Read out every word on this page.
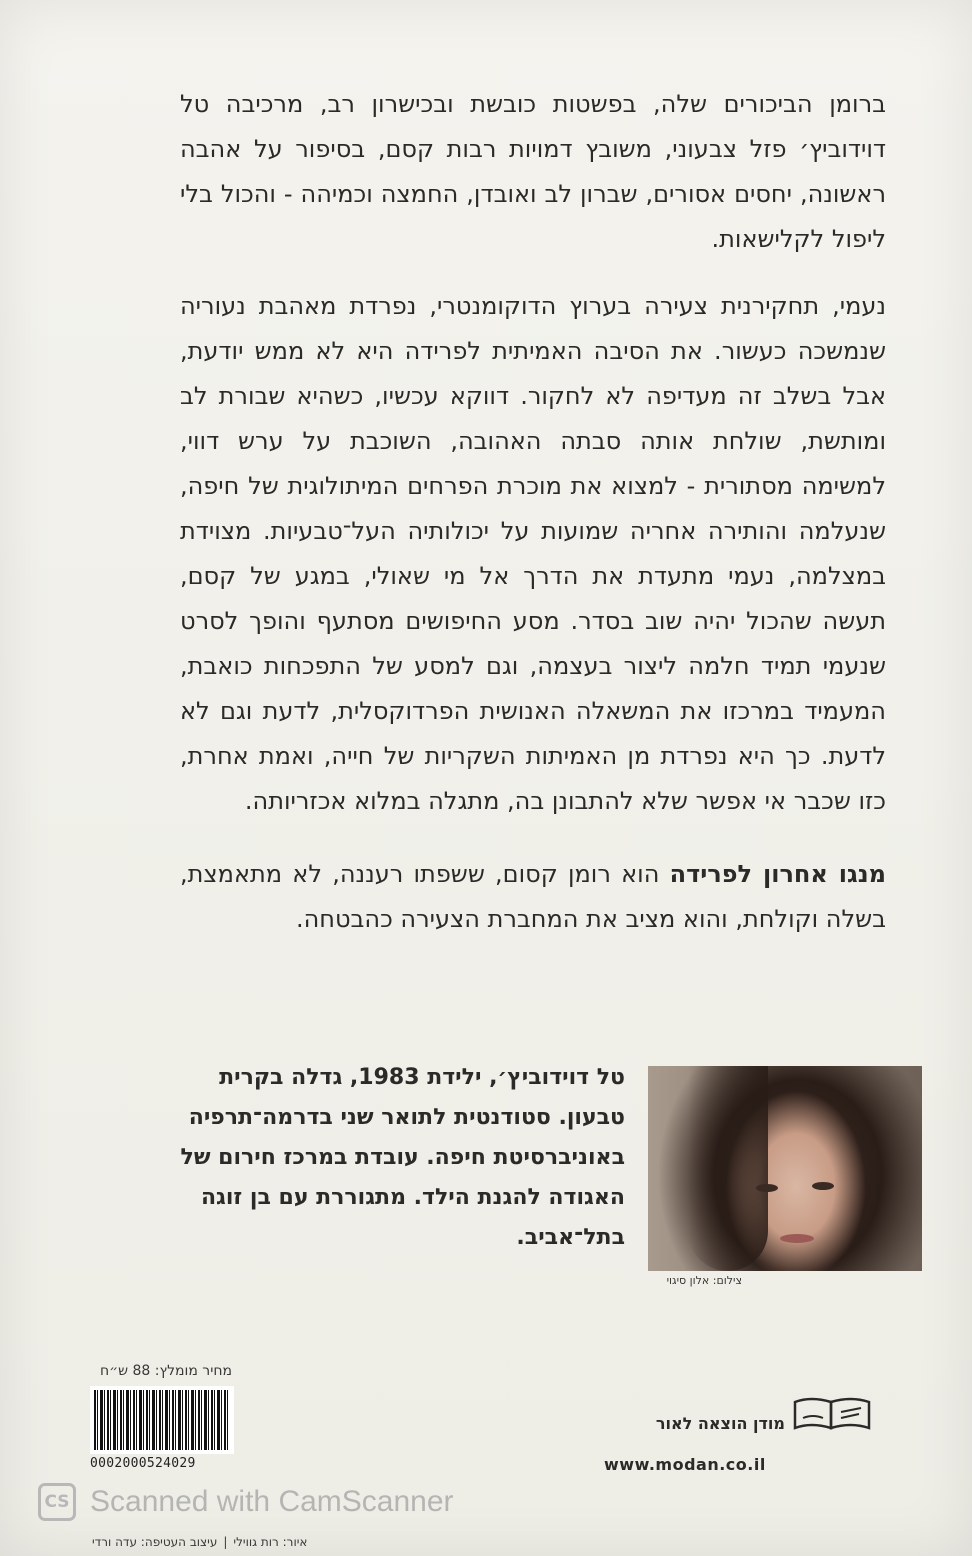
ברומן הביכורים שלה, בפשטות כובשת ובכישרון רב, מרכיבה טל דוידוביץ׳ פזל צבעוני, משובץ דמויות רבות קסם, בסיפור על אהבה ראשונה, יחסים אסורים, שברון לב ואובדן, החמצה וכמיהה - והכול בלי ליפול לקלישאות.

נעמי, תחקירנית צעירה בערוץ הדוקומנטרי, נפרדת מאהבת נעוריה שנמשכה כעשור. את הסיבה האמיתית לפרידה היא לא ממש יודעת, אבל בשלב זה מעדיפה לא לחקור. דווקא עכשיו, כשהיא שבורת לב ומותשת, שולחת אותה סבתה האהובה, השוכבת על ערש דווי, למשימה מסתורית - למצוא את מוכרת הפרחים המיתולוגית של חיפה, שנעלמה והותירה אחריה שמועות על יכולותיה העל־טבעיות. מצוידת במצלמה, נעמי מתעדת את הדרך אל מי שאולי, במגע של קסם, תעשה שהכול יהיה שוב בסדר. מסע החיפושים מסתעף והופך לסרט שנעמי תמיד חלמה ליצור בעצמה, וגם למסע של התפכחות כואבת, המעמיד במרכזו את המשאלה האנושית הפרדוקסלית, לדעת וגם לא לדעת. כך היא נפרדת מן האמיתות השקריות של חייה, ואמת אחרת, כזו שכבר אי אפשר שלא להתבונן בה, מתגלה במלוא אכזריותה.

מנגו אחרון לפרידה הוא רומן קסום, ששפתו רעננה, לא מתאמצת, בשלה וקולחת, והוא מציב את המחברת הצעירה כהבטחה.

טל דוידוביץ׳, ילידת 1983, גדלה בקרית טבעון. סטודנטית לתואר שני בדרמה־תרפיה באוניברסיטת חיפה. עובדת במרכז חירום של האגודה להגנת הילד. מתגוררת עם בן זוגה בתל־אביב.
צילום: אלון סיגוי
מחיר מומלץ: 88 ש״ח
0002000524029
מודן הוצאה לאור
www.modan.co.il
CS Scanned with CamScanner
איור: רות גווילי|עיצוב העטיפה: עדה ורדי
